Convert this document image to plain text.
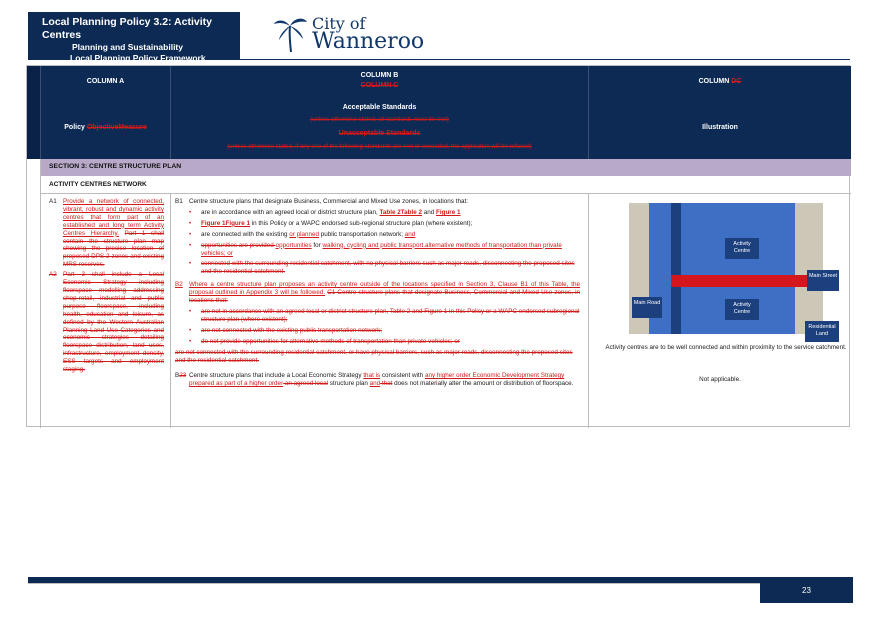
Local Planning Policy 3.2: Activity Centres
Planning and Sustainability
Local Planning Policy Framework
City of
Wanneroo
COLUMN A
Policy ObjectiveMeasure
COLUMN B
COLUMN C
Acceptable Standards
(unless otherwise stated, all standards must be met)
Unacceptable Standards
(unless otherwise stated, if any one of the following standards are met or exceeded, the application will be refused)
COLUMN DC
Illustration
SECTION 3: CENTRE STRUCTURE PLAN
ACTIVITY CENTRES NETWORK
A1 Provide a network of connected, vibrant, robust and dynamic activity centres that form part of an established and long term Activity Centres Hierarchy. Part 1 shall contain the structure plan map showing the precise location of proposed DPS 2 zones and existing MRS reserves.
A2 Part 3 shall include a Local Economic Strategy including floorspace modelling addressing shop-retail, industrial and public purpose floorspace, including health, education and leisure, as defined by the Western Australian Planning Land Use Categories and economic strategies detailing floorspace distribution, land uses, infrastructure, employment density, ESS targets and employment staging.
B1 Centre structure plans that designate Business, Commercial and Mixed Use zones, in locations that:
•	are in accordance with an agreed local or district structure plan, Table 2Table 2 and Figure 1
•	Figure 1Figure 1 in this Policy or a WAPC endorsed sub-regional structure plan (where existent);
•	are connected with the existing or planned public transportation network; and
•	opportunities are provided opportunities for walking, cycling and public transport.alternative methods of transportation than private vehicles; or
•	connected with the surrounding residential catchment, with no physical barriers such as major roads, disconnecting the proposed sites and the residential catchment.
B2 Where a centre structure plan proposes an activity centre outside of the locations specified in Section 3, Clause B1 of this Table, the proposal outlined in Appendix 3 will be followed. C1 Centre structure plans that designate Business, Commercial and Mixed Use zones, in locations that:
•	are not in accordance with an agreed local or district structure plan, Table 2 and Figure 1 in this Policy or a WAPC endorsed subregional structure plan (where existent);
•	are not connected with the existing public transportation network;
•	do not provide opportunities for alternative methods of transportation than private vehicles; or
are not connected with the surrounding residential catchment, or have physical barriers, such as major roads, disconnecting the proposed sites and the residential catchment.
B23 Centre structure plans that include a Local Economic Strategy that is consistent with any higher order Economic Development Strategy prepared as part of a higher order an agreed local structure plan and that does not materially alter the amount or distribution of floorspace.
Activity Centre
Main Street
Main Road	Activity Centre
Residential Land
Activity centres are to be well connected and within proximity to the service catchment.
Not applicable.
23
